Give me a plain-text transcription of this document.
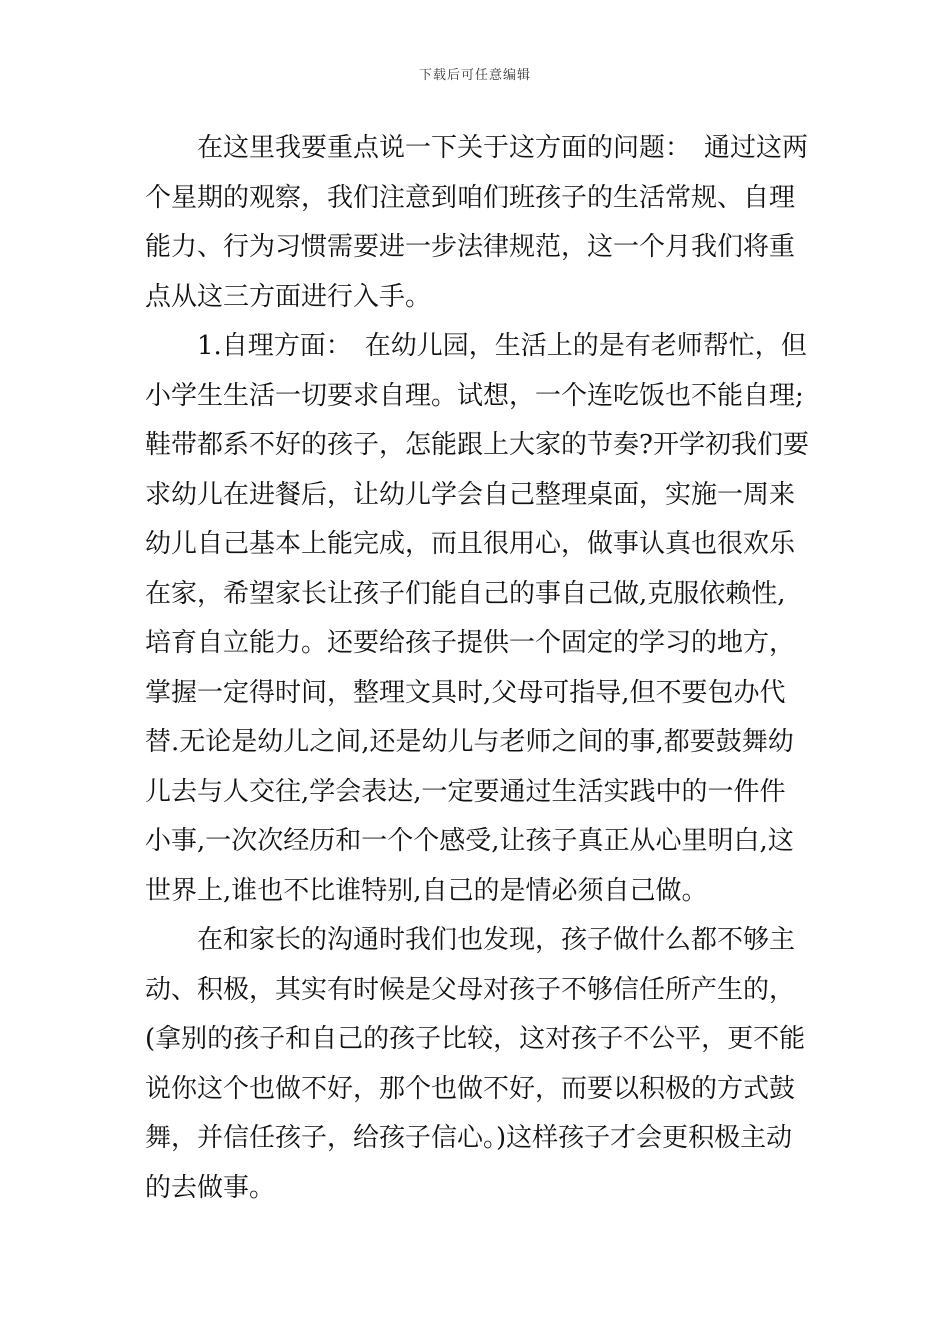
下载后可任意编辑
　　在这里我要重点说一下关于这方面的问题：　通过这两
个星期的观察，我们注意到咱们班孩子的生活常规、自理
能力、行为习惯需要进一步法律规范，这一个月我们将重
点从这三方面进行入手。
　　1.自理方面：　在幼儿园，生活上的是有老师帮忙，但
小学生生活一切要求自理。试想，一个连吃饭也不能自理;
鞋带都系不好的孩子，怎能跟上大家的节奏?开学初我们要
求幼儿在进餐后，让幼儿学会自己整理桌面，实施一周来
幼儿自己基本上能完成，而且很用心，做事认真也很欢乐
在家，希望家长让孩子们能自己的事自己做,克服依赖性,
培育自立能力。还要给孩子提供一个固定的学习的地方，
掌握一定得时间，整理文具时,父母可指导,但不要包办代
替.无论是幼儿之间,还是幼儿与老师之间的事,都要鼓舞幼
儿去与人交往,学会表达,一定要通过生活实践中的一件件
小事,一次次经历和一个个感受,让孩子真正从心里明白,这
世界上,谁也不比谁特别,自己的是情必须自己做。
　　在和家长的沟通时我们也发现，孩子做什么都不够主
动、积极，其实有时候是父母对孩子不够信任所产生的，
(拿别的孩子和自己的孩子比较，这对孩子不公平，更不能
说你这个也做不好，那个也做不好，而要以积极的方式鼓
舞，并信任孩子，给孩子信心。)这样孩子才会更积极主动
的去做事。
